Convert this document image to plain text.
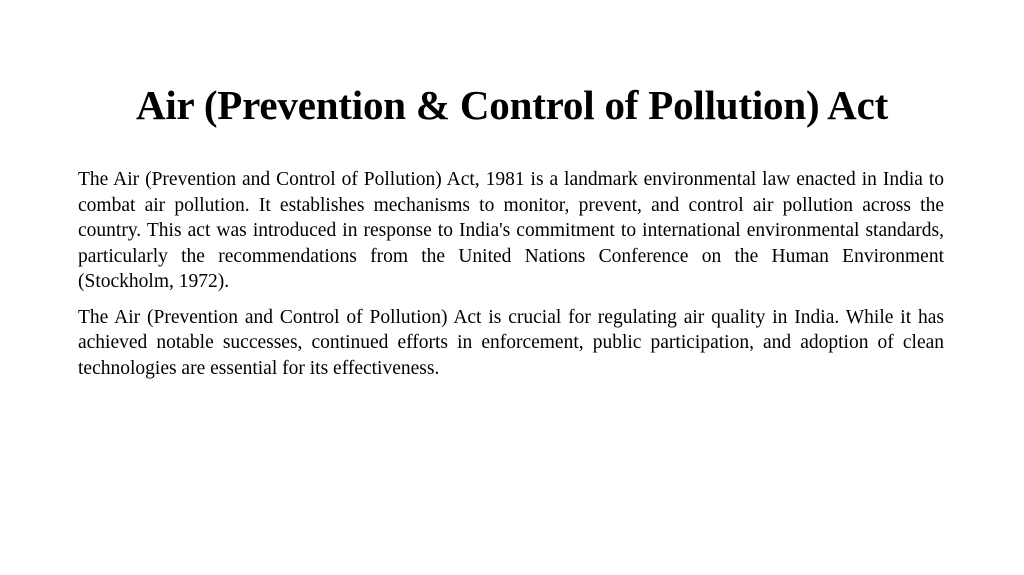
Air (Prevention & Control of Pollution) Act

The Air (Prevention and Control of Pollution) Act, 1981 is a landmark environmental law enacted in India to combat air pollution. It establishes mechanisms to monitor, prevent, and control air pollution across the country. This act was introduced in response to India's commitment to international environmental standards, particularly the recommendations from the United Nations Conference on the Human Environment (Stockholm, 1972).

The Air (Prevention and Control of Pollution) Act is crucial for regulating air quality in India. While it has achieved notable successes, continued efforts in enforcement, public participation, and adoption of clean technologies are essential for its effectiveness.
